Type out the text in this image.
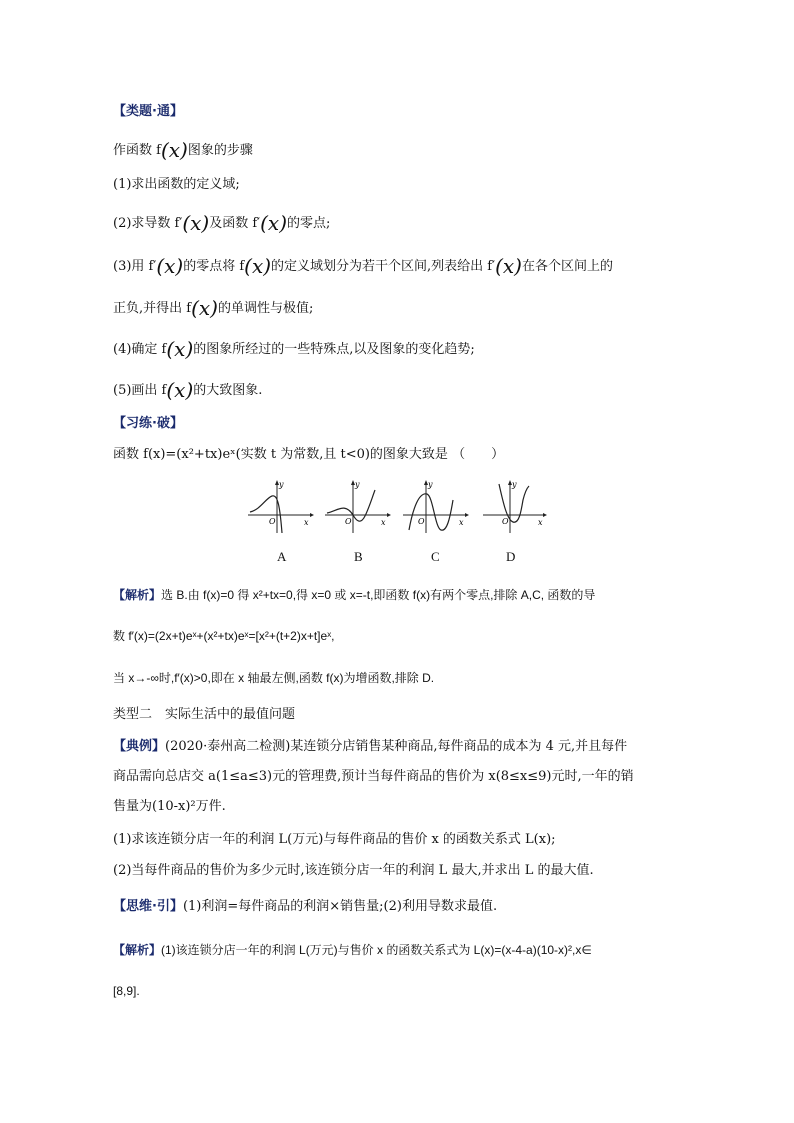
【类题·通】
作函数 f(𝑥)图象的步骤
(1)求出函数的定义域;
(2)求导数 f′(𝑥)及函数 f′(𝑥)的零点;
(3)用 f′(𝑥)的零点将 f(𝑥)的定义域划分为若干个区间,列表给出 f′(𝑥)在各个区间上的
正负,并得出 f(𝑥)的单调性与极值;
(4)确定 f(𝑥)的图象所经过的一些特殊点,以及图象的变化趋势;
(5)画出 f(𝑥)的大致图象.
【习练·破】
函数 f(x)=(x²+tx)eˣ(实数 t 为常数,且 t<0)的图象大致是 （　　）
y
x
O
A
y
x
O
B
y
x
O
C
y
x
O
D
【解析】选 B.由 f(x)=0 得 x²+tx=0,得 x=0 或 x=-t,即函数 f(x)有两个零点,排除 A,C, 函数的导
数 f′(x)=(2x+t)eˣ+(x²+tx)eˣ=[x²+(t+2)x+t]eˣ,
当 x→-∞时,f′(x)>0,即在 x 轴最左侧,函数 f(x)为增函数,排除 D.
类型二　实际生活中的最值问题
【典例】(2020·泰州高二检测)某连锁分店销售某种商品,每件商品的成本为 4 元,并且每件
商品需向总店交 a(1≤a≤3)元的管理费,预计当每件商品的售价为 x(8≤x≤9)元时,一年的销
售量为(10-x)²万件.
(1)求该连锁分店一年的利润 L(万元)与每件商品的售价 x 的函数关系式 L(x);
(2)当每件商品的售价为多少元时,该连锁分店一年的利润 L 最大,并求出 L 的最大值.
【思维·引】(1)利润=每件商品的利润×销售量;(2)利用导数求最值.
【解析】(1)该连锁分店一年的利润 L(万元)与售价 x 的函数关系式为 L(x)=(x-4-a)(10-x)²,x∈
[8,9].
